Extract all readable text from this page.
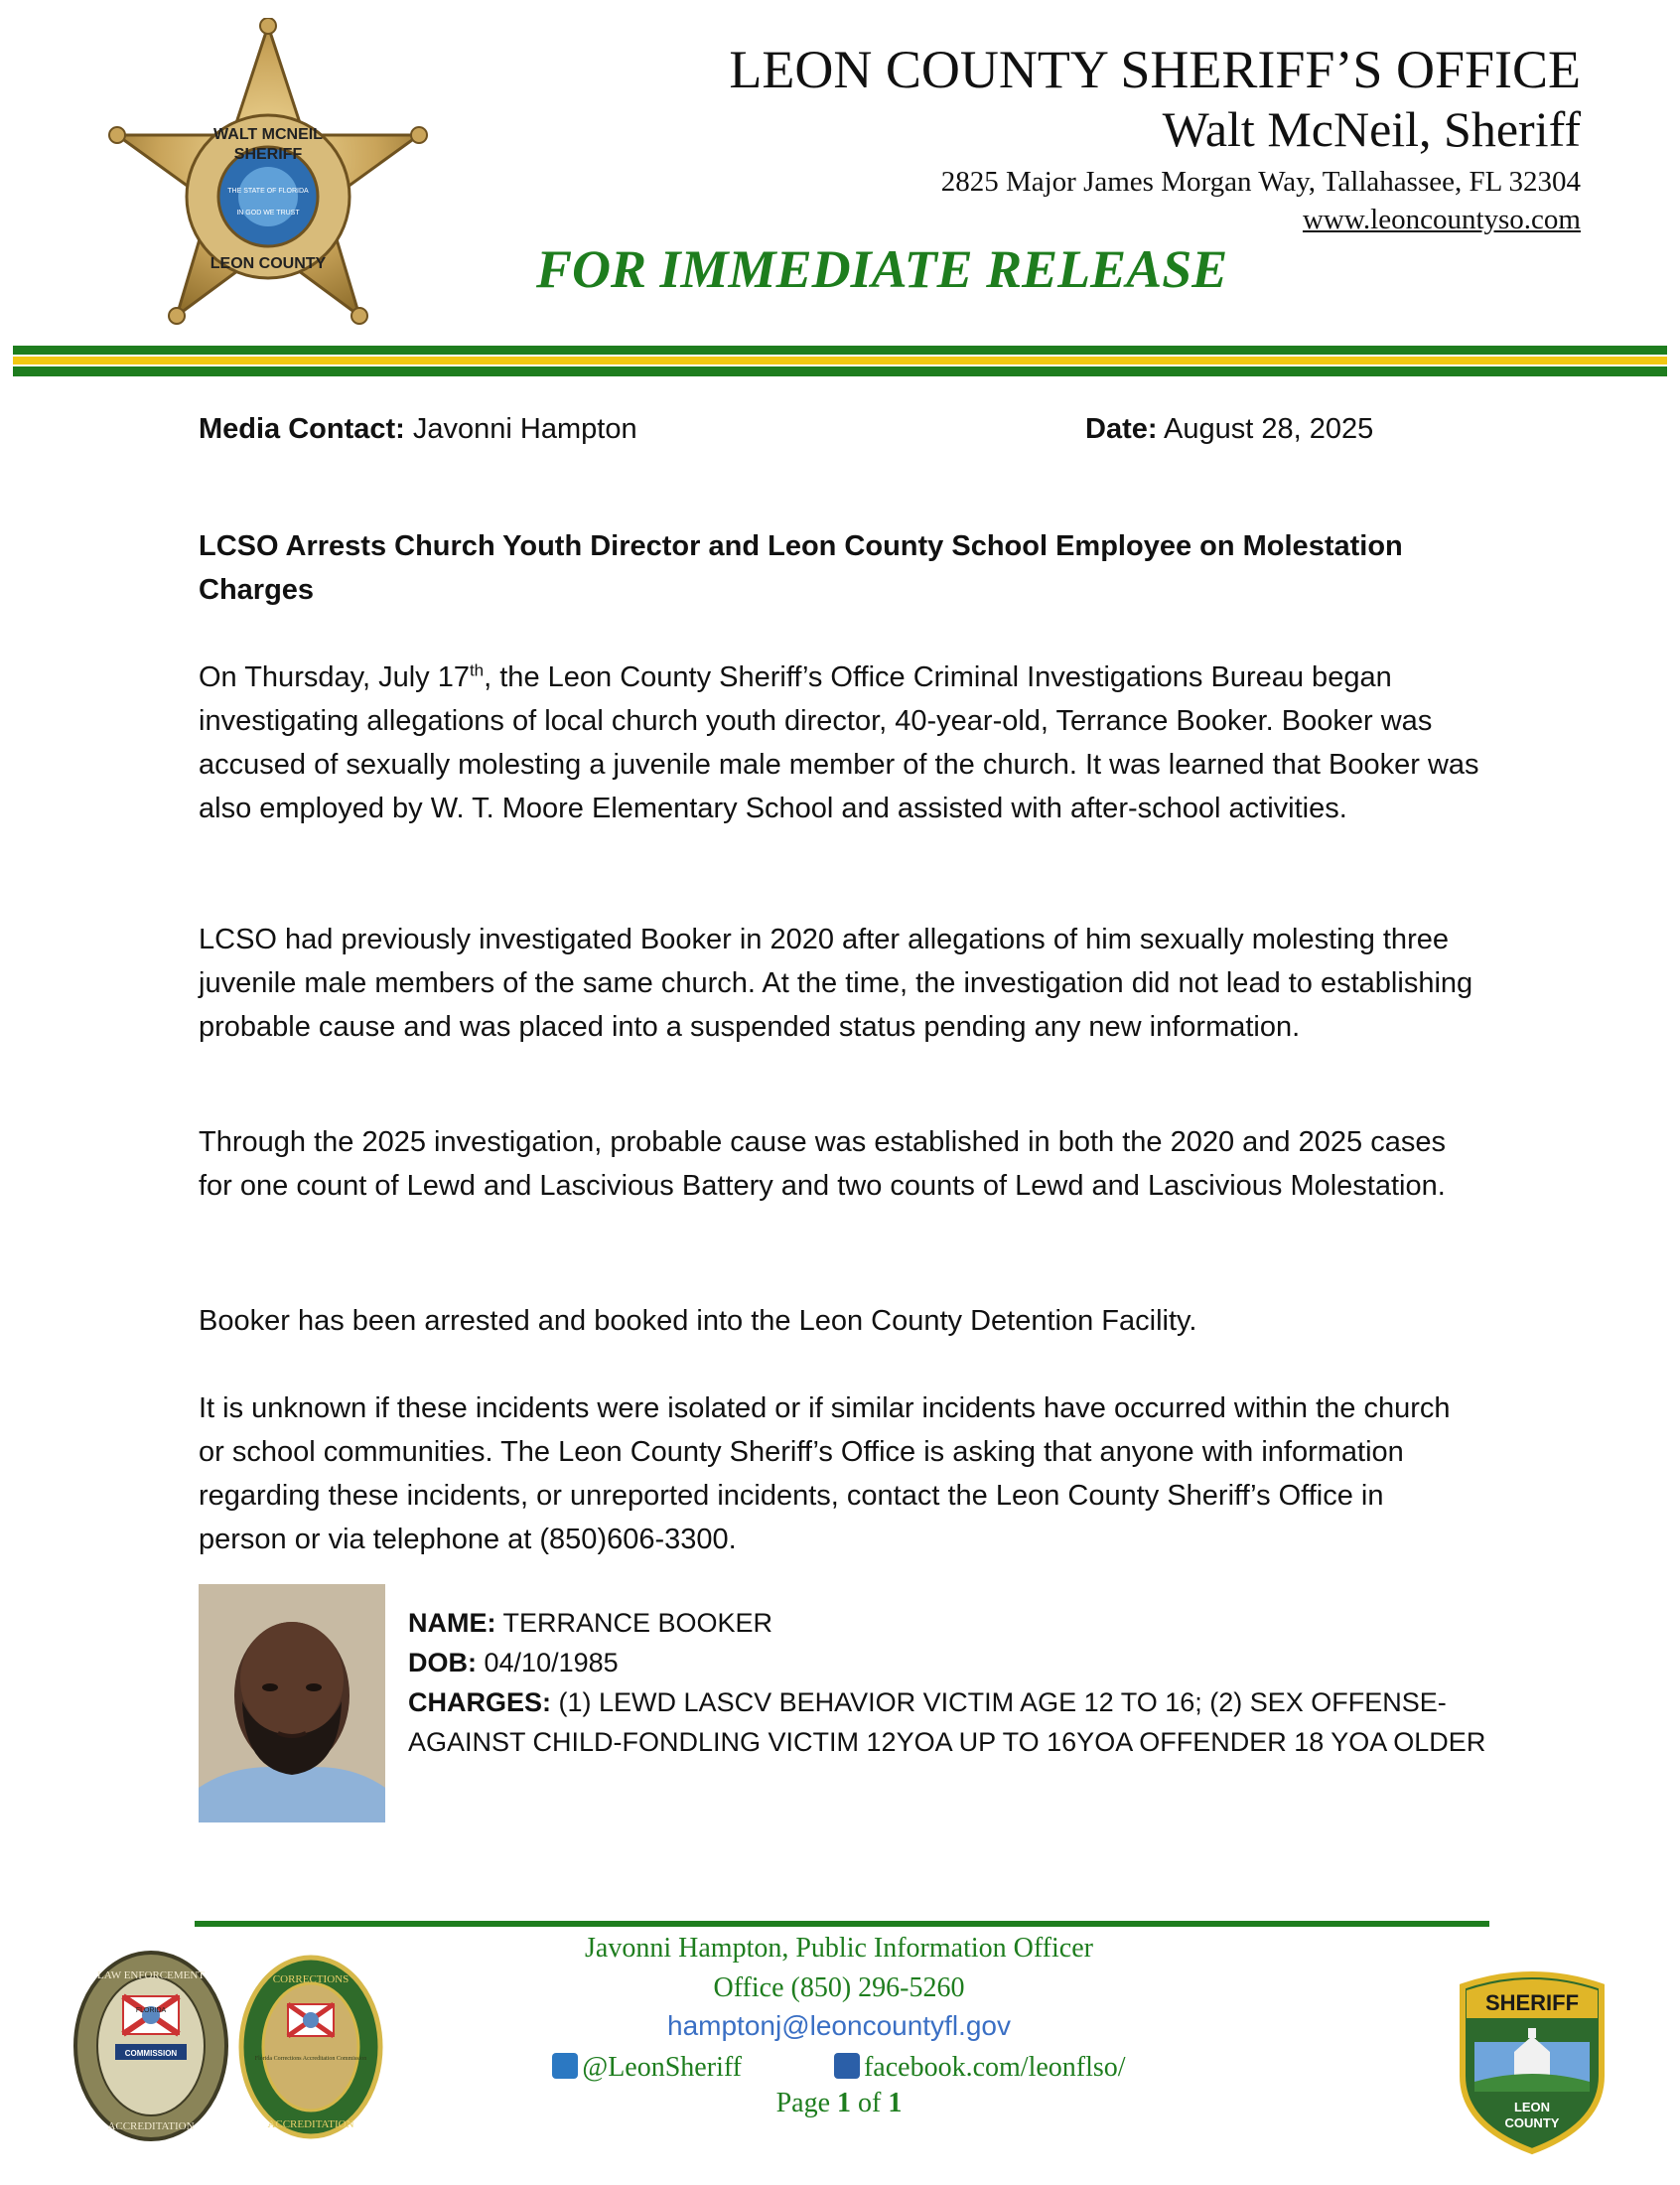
WALT MCNEIL
SHERIFF
THE STATE OF FLORIDA
IN GOD WE TRUST
LEON COUNTY
LEON COUNTY SHERIFF’S OFFICE
Walt McNeil, Sheriff
2825 Major James Morgan Way, Tallahassee, FL 32304
www.leoncountyso.com
FOR IMMEDIATE RELEASE
Media Contact: Javonni Hampton	Date: August 28, 2025
LCSO Arrests Church Youth Director and Leon County School Employee on Molestation Charges

On Thursday, July 17th, the Leon County Sheriff’s Office Criminal Investigations Bureau began investigating allegations of local church youth director, 40-year-old, Terrance Booker. Booker was accused of sexually molesting a juvenile male member of the church. It was learned that Booker was also employed by W. T. Moore Elementary School and assisted with after-school activities.

LCSO had previously investigated Booker in 2020 after allegations of him sexually molesting three juvenile male members of the same church. At the time, the investigation did not lead to establishing probable cause and was placed into a suspended status pending any new information.

Through the 2025 investigation, probable cause was established in both the 2020 and 2025 cases for one count of Lewd and Lascivious Battery and two counts of Lewd and Lascivious Molestation.

Booker has been arrested and booked into the Leon County Detention Facility.

It is unknown if these incidents were isolated or if similar incidents have occurred within the church or school communities. The Leon County Sheriff’s Office is asking that anyone with information regarding these incidents, or unreported incidents, contact the Leon County Sheriff’s Office in person or via telephone at (850)606-3300.

NAME: TERRANCE BOOKER
DOB: 04/10/1985
CHARGES: (1) LEWD LASCV BEHAVIOR VICTIM AGE 12 TO 16; (2) SEX OFFENSE-AGAINST CHILD-FONDLING VICTIM 12YOA UP TO 16YOA OFFENDER 18 YOA OLDER
Javonni Hampton, Public Information Officer
Office (850) 296-5260
hamptonj@leoncountyfl.gov
@LeonSheriff	facebook.com/leonflso/
Page 1 of 1
FLORIDA
COMMISSION
LAW ENFORCEMENT
ACCREDITATION
Florida Corrections Accreditation Commission
CORRECTIONS
ACCREDITATION
SHERIFF
LEON
COUNTY
